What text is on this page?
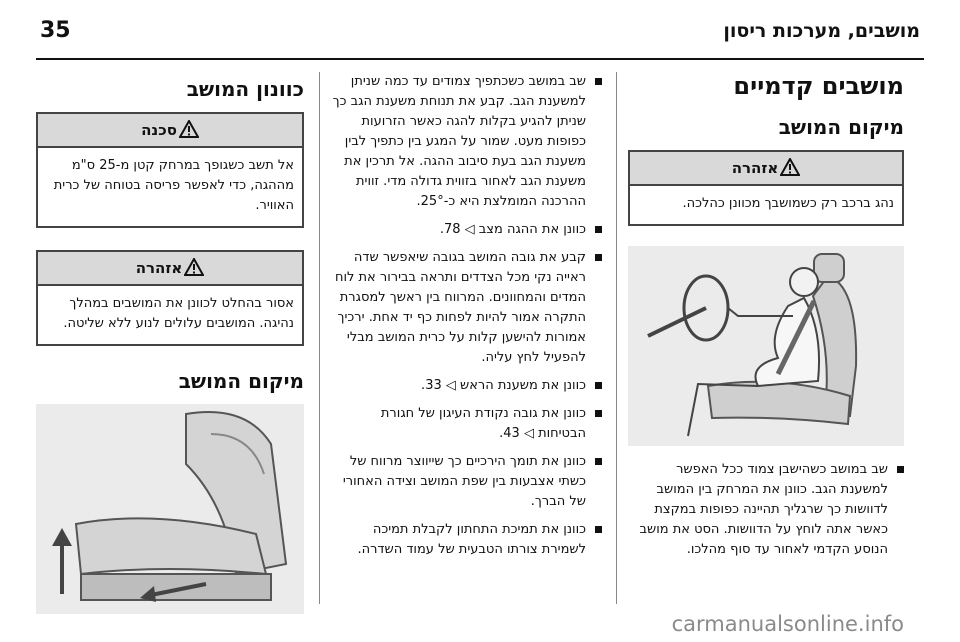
35	מושבים, מערכות ריסון
מושבים קדמיים
מיקום המושב
אזהרה
נהג ברכב רק כשמושבך מכוונן כהלכה.
שב במושב כשהישבן צמוד ככל האפשר למשענת הגב. כוונן את המרחק בין המושב לדוושות כך שרגליך תהיינה כפופות במקצת כאשר אתה לוחץ על הדוושות. הסט את מושב הנוסע הקדמי לאחור עד סוף מהלכו.
שב במושב כשכתפיך צמודים עד כמה שניתן למשענת הגב. קבע את תנוחת משענת הגב כך שניתן להגיע בקלות להגה כאשר הזרועות כפופות מעט. שמור על המגע בין כתפיך לבין משענת הגב בעת סיבוב ההגה. אל תרכין את משענת הגב לאחור בזווית גדולה מדי. זווית ההרכנה המומלצת היא כ-25°.
כוונן את ההגה מצב ◁ 78.
קבע את גובה המושב בגובה שיאפשר שדה ראייה נקי מכל הצדדים ותראה בבירור את לוח המדים והמחוונים. המרווח בין ראשך למסגרת התקרה אמור להיות לפחות כף יד אחת. ירכיך אמורות להישען קלות על כרית המושב מבלי להפעיל לחץ עליה.
כוונן את משענת הראש ◁ 33.
כוונן את גובה נקודת העיגון של חגורת הבטיחות ◁ 43.
כוונן את תומך הירכיים כך שייווצר מרווח של כשתי אצבעות בין שפת המושב וצידה האחורי של הברך.
כוונן את תמיכת התחתון לקבלת תמיכה לשמירת צורתו הטבעית של עמוד השדרה.
כוונון המושב
סכנה
אל תשב כשגופך במרחק קטן מ-25 ס"מ מההגה, כדי לאפשר פריסה בטוחה של כרית האוויר.
אזהרה
אסור בהחלט לכוונן את המושבים במהלך נהיגה. המושבים עלולים לנוע ללא שליטה.
מיקום המושב
carmanualsonline.info
